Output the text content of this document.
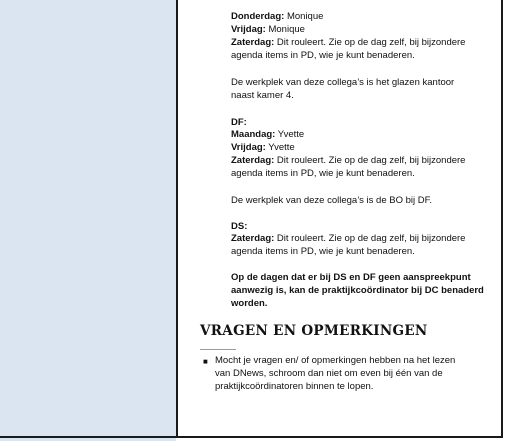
Donderdag: Monique
Vrijdag: Monique
Zaterdag: Dit rouleert. Zie op de dag zelf, bij bijzondere
agenda items in PD, wie je kunt benaderen.
De werkplek van deze collega’s is het glazen kantoor
naast kamer 4.
DF:
Maandag: Yvette
Vrijdag: Yvette
Zaterdag: Dit rouleert. Zie op de dag zelf, bij bijzondere
agenda items in PD, wie je kunt benaderen.
De werkplek van deze collega’s is de BO bij DF.
DS:
Zaterdag: Dit rouleert. Zie op de dag zelf, bij bijzondere
agenda items in PD, wie je kunt benaderen.
Op de dagen dat er bij DS en DF geen aanspreekpunt
aanwezig is, kan de praktijkcoördinator bij DC benaderd
worden.
VRAGEN EN OPMERKINGEN
■ Mocht je vragen en/ of opmerkingen hebben na het lezen
van DNews, schroom dan niet om even bij één van de
praktijkcoördinatoren binnen te lopen.
